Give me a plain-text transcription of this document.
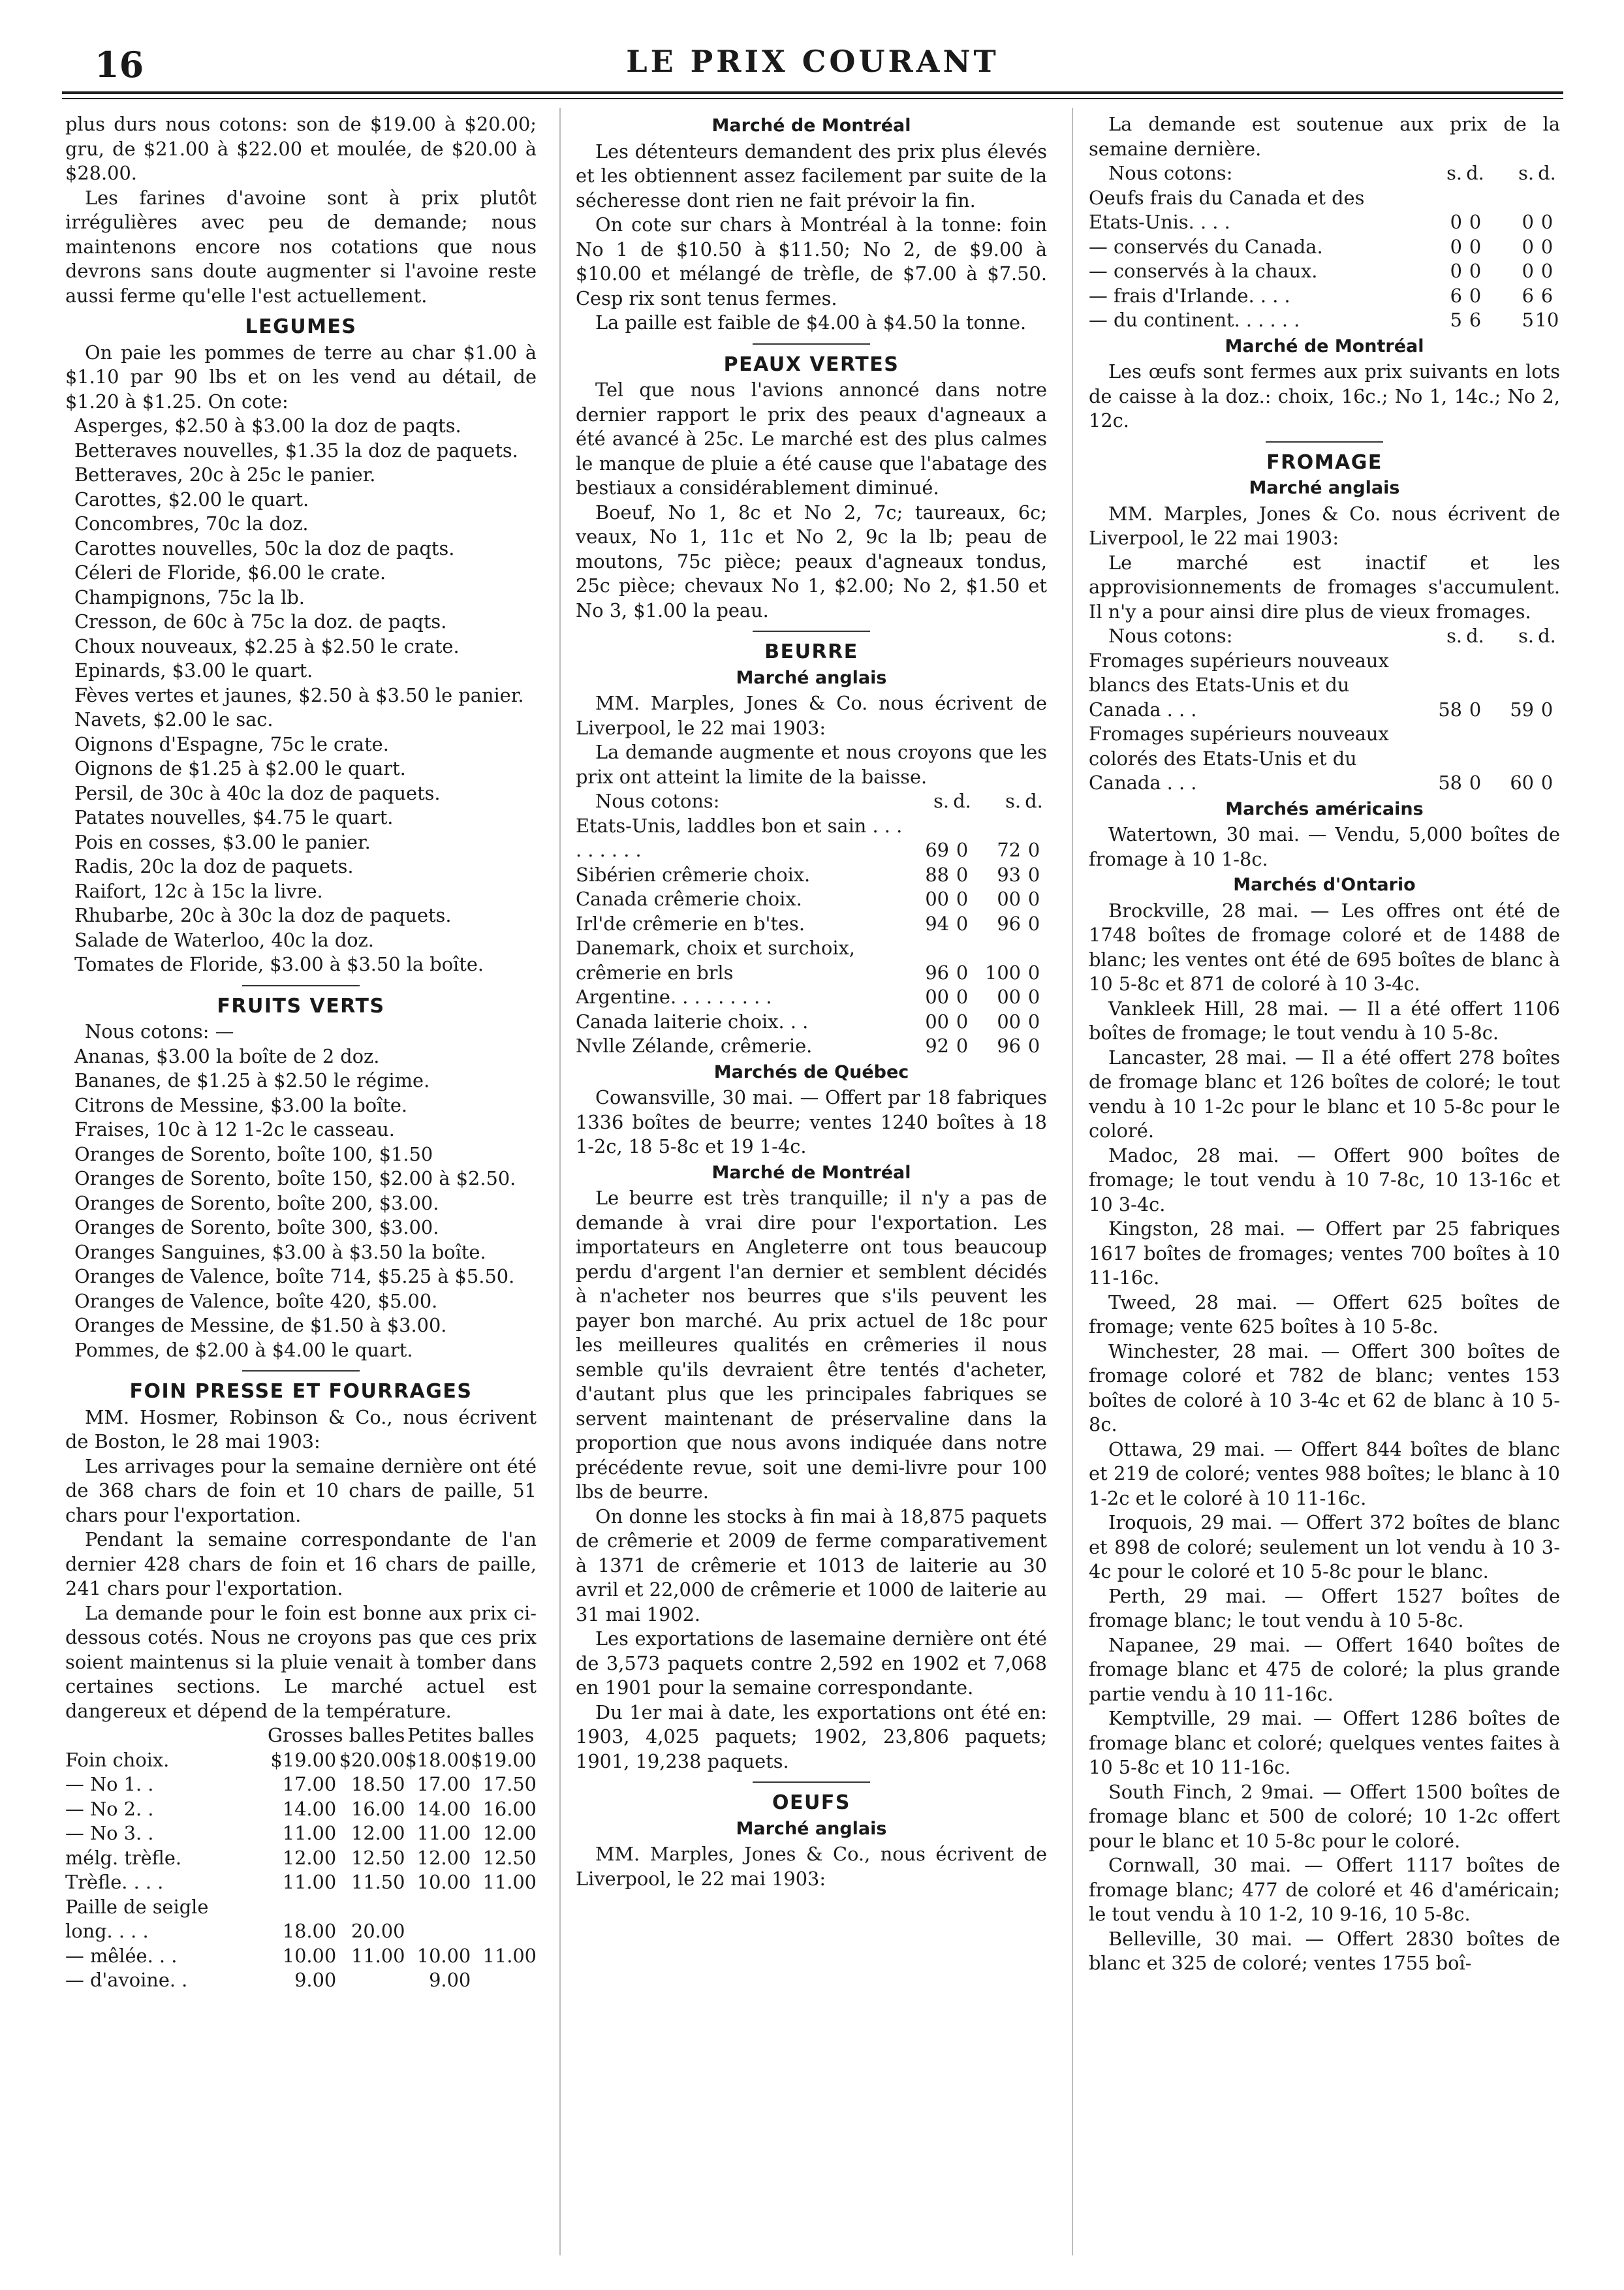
16	LE PRIX COURANT

plus durs nous cotons: son de $19.00 à $20.00; gru, de $21.00 à $22.00 et moulée, de $20.00 à $28.00.

Les farines d'avoine sont à prix plutôt irrégulières avec peu de demande; nous maintenons encore nos cotations que nous devrons sans doute augmenter si l'avoine reste aussi ferme qu'elle l'est actuellement.

LEGUMES

On paie les pommes de terre au char $1.00 à $1.10 par 90 lbs et on les vend au détail, de $1.20 à $1.25. On cote:

Asperges, $2.50 à $3.00 la doz de paqts.

Betteraves nouvelles, $1.35 la doz de paquets.

Betteraves, 20c à 25c le panier.

Carottes, $2.00 le quart.

Concombres, 70c la doz.

Carottes nouvelles, 50c la doz de paqts.

Céleri de Floride, $6.00 le crate.

Champignons, 75c la lb.

Cresson, de 60c à 75c la doz. de paqts.

Choux nouveaux, $2.25 à $2.50 le crate.

Epinards, $3.00 le quart.

Fèves vertes et jaunes, $2.50 à $3.50 le panier.

Navets, $2.00 le sac.

Oignons d'Espagne, 75c le crate.

Oignons de $1.25 à $2.00 le quart.

Persil, de 30c à 40c la doz de paquets.

Patates nouvelles, $4.75 le quart.

Pois en cosses, $3.00 le panier.

Radis, 20c la doz de paquets.

Raifort, 12c à 15c la livre.

Rhubarbe, 20c à 30c la doz de paquets.

Salade de Waterloo, 40c la doz.

Tomates de Floride, $3.00 à $3.50 la boîte.

FRUITS VERTS

Nous cotons: —

Ananas, $3.00 la boîte de 2 doz.

Bananes, de $1.25 à $2.50 le régime.

Citrons de Messine, $3.00 la boîte.

Fraises, 10c à 12 1-2c le casseau.

Oranges de Sorento, boîte 100, $1.50

Oranges de Sorento, boîte 150, $2.00 à $2.50.

Oranges de Sorento, boîte 200, $3.00.

Oranges de Sorento, boîte 300, $3.00.

Oranges Sanguines, $3.00 à $3.50 la boîte.

Oranges de Valence, boîte 714, $5.25 à $5.50.

Oranges de Valence, boîte 420, $5.00.

Oranges de Messine, de $1.50 à $3.00.

Pommes, de $2.00 à $4.00 le quart.

FOIN PRESSE ET FOURRAGES

MM. Hosmer, Robinson & Co., nous écrivent de Boston, le 28 mai 1903:

Les arrivages pour la semaine dernière ont été de 368 chars de foin et 10 chars de paille, 51 chars pour l'exportation.

Pendant la semaine correspondante de l'an dernier 428 chars de foin et 16 chars de paille, 241 chars pour l'exportation.

La demande pour le foin est bonne aux prix ci-dessous cotés. Nous ne croyons pas que ces prix soient maintenus si la pluie venait à tomber dans certaines sections. Le marché actuel est dangereux et dépend de la température.

	Grosses balles		Petites balles	
Foin choix.	$19.00	$20.00	$18.00	$19.00
— No 1. .	17.00	18.50	17.00	17.50
— No 2. .	14.00	16.00	14.00	16.00
— No 3. .	11.00	12.00	11.00	12.00
mélg. trèfle.	12.00	12.50	12.00	12.50
Trèfle. . . .	11.00	11.50	10.00	11.00
Paille de seigle				
long. . . .	18.00	20.00		
— mêlée. . .	10.00	11.00	10.00	11.00
— d'avoine. .	9.00		9.00	
Marché de Montréal

Les détenteurs demandent des prix plus élevés et les obtiennent assez facilement par suite de la sécheresse dont rien ne fait prévoir la fin.

On cote sur chars à Montréal à la tonne: foin No 1 de $10.50 à $11.50; No 2, de $9.00 à $10.00 et mélangé de trèfle, de $7.00 à $7.50. Cesp rix sont tenus fermes.

La paille est faible de $4.00 à $4.50 la tonne.

PEAUX VERTES

Tel que nous l'avions annoncé dans notre dernier rapport le prix des peaux d'agneaux a été avancé à 25c. Le marché est des plus calmes le manque de pluie a été cause que l'abatage des bestiaux a considérablement diminué.

Boeuf, No 1, 8c et No 2, 7c; taureaux, 6c; veaux, No 1, 11c et No 2, 9c la lb; peau de moutons, 75c pièce; peaux d'agneaux tondus, 25c pièce; chevaux No 1, $2.00; No 2, $1.50 et No 3, $1.00 la peau.

BEURRE
Marché anglais

MM. Marples, Jones & Co. nous écrivent de Liverpool, le 22 mai 1903:

La demande augmente et nous croyons que les prix ont atteint la limite de la baisse.

Nous cotons:	s.	d.	s.	d.
Etats-Unis, laddles bon et sain . . . . . . . . .	69	0	72	0
Sibérien crêmerie choix.	88	0	93	0
Canada crêmerie choix.	00	0	00	0
Irl'de crêmerie en b'tes.	94	0	96	0
Danemark, choix et surchoix, crêmerie en brls	96	0	100	0
Argentine. . . . . . . . .	00	0	00	0
Canada laiterie choix. . .	00	0	00	0
Nvlle Zélande, crêmerie.	92	0	96	0
Marchés de Québec

Cowansville, 30 mai. — Offert par 18 fabriques 1336 boîtes de beurre; ventes 1240 boîtes à 18 1-2c, 18 5-8c et 19 1-4c.

Marché de Montréal

Le beurre est très tranquille; il n'y a pas de demande à vrai dire pour l'exportation. Les importateurs en Angleterre ont tous beaucoup perdu d'argent l'an dernier et semblent décidés à n'acheter nos beurres que s'ils peuvent les payer bon marché. Au prix actuel de 18c pour les meilleures qualités en crêmeries il nous semble qu'ils devraient être tentés d'acheter, d'autant plus que les principales fabriques se servent maintenant de préservaline dans la proportion que nous avons indiquée dans notre précédente revue, soit une demi-livre pour 100 lbs de beurre.

On donne les stocks à fin mai à 18,875 paquets de crêmerie et 2009 de ferme comparativement à 1371 de crêmerie et 1013 de laiterie au 30 avril et 22,000 de crêmerie et 1000 de laiterie au 31 mai 1902.

Les exportations de lasemaine dernière ont été de 3,573 paquets contre 2,592 en 1902 et 7,068 en 1901 pour la semaine correspondante.

Du 1er mai à date, les exportations ont été en: 1903, 4,025 paquets; 1902, 23,806 paquets; 1901, 19,238 paquets.

OEUFS
Marché anglais

MM. Marples, Jones & Co., nous écrivent de Liverpool, le 22 mai 1903:

La demande est soutenue aux prix de la semaine dernière.

Nous cotons:	s.	d.	s.	d.
Oeufs frais du Canada et des Etats-Unis. . . .	0	0	0	0
— conservés du Canada.	0	0	0	0
— conservés à la chaux.	0	0	0	0
— frais d'Irlande. . . .	6	0	6	6
— du continent. . . . . .	5	6	5	10
Marché de Montréal

Les œufs sont fermes aux prix suivants en lots de caisse à la doz.: choix, 16c.; No 1, 14c.; No 2, 12c.

FROMAGE
Marché anglais

MM. Marples, Jones & Co. nous écrivent de Liverpool, le 22 mai 1903:

Le marché est inactif et les approvisionnements de fromages s'accumulent. Il n'y a pour ainsi dire plus de vieux fromages.

Nous cotons:	s.	d.	s.	d.
Fromages supérieurs nouveaux blancs des Etats-Unis et du Canada . . .	58	0	59	0
Fromages supérieurs nouveaux colorés des Etats-Unis et du Canada . . .	58	0	60	0
Marchés américains

Watertown, 30 mai. — Vendu, 5,000 boîtes de fromage à 10 1-8c.

Marchés d'Ontario

Brockville, 28 mai. — Les offres ont été de 1748 boîtes de fromage coloré et de 1488 de blanc; les ventes ont été de 695 boîtes de blanc à 10 5-8c et 871 de coloré à 10 3-4c.

Vankleek Hill, 28 mai. — Il a été offert 1106 boîtes de fromage; le tout vendu à 10 5-8c.

Lancaster, 28 mai. — Il a été offert 278 boîtes de fromage blanc et 126 boîtes de coloré; le tout vendu à 10 1-2c pour le blanc et 10 5-8c pour le coloré.

Madoc, 28 mai. — Offert 900 boîtes de fromage; le tout vendu à 10 7-8c, 10 13-16c et 10 3-4c.

Kingston, 28 mai. — Offert par 25 fabriques 1617 boîtes de fromages; ventes 700 boîtes à 10 11-16c.

Tweed, 28 mai. — Offert 625 boîtes de fromage; vente 625 boîtes à 10 5-8c.

Winchester, 28 mai. — Offert 300 boîtes de fromage coloré et 782 de blanc; ventes 153 boîtes de coloré à 10 3-4c et 62 de blanc à 10 5-8c.

Ottawa, 29 mai. — Offert 844 boîtes de blanc et 219 de coloré; ventes 988 boîtes; le blanc à 10 1-2c et le coloré à 10 11-16c.

Iroquois, 29 mai. — Offert 372 boîtes de blanc et 898 de coloré; seulement un lot vendu à 10 3-4c pour le coloré et 10 5-8c pour le blanc.

Perth, 29 mai. — Offert 1527 boîtes de fromage blanc; le tout vendu à 10 5-8c.

Napanee, 29 mai. — Offert 1640 boîtes de fromage blanc et 475 de coloré; la plus grande partie vendu à 10 11-16c.

Kemptville, 29 mai. — Offert 1286 boîtes de fromage blanc et coloré; quelques ventes faites à 10 5-8c et 10 11-16c.

South Finch, 2 9mai. — Offert 1500 boîtes de fromage blanc et 500 de coloré; 10 1-2c offert pour le blanc et 10 5-8c pour le coloré.

Cornwall, 30 mai. — Offert 1117 boîtes de fromage blanc; 477 de coloré et 46 d'américain; le tout vendu à 10 1-2, 10 9-16, 10 5-8c.

Belleville, 30 mai. — Offert 2830 boîtes de blanc et 325 de coloré; ventes 1755 boî-
